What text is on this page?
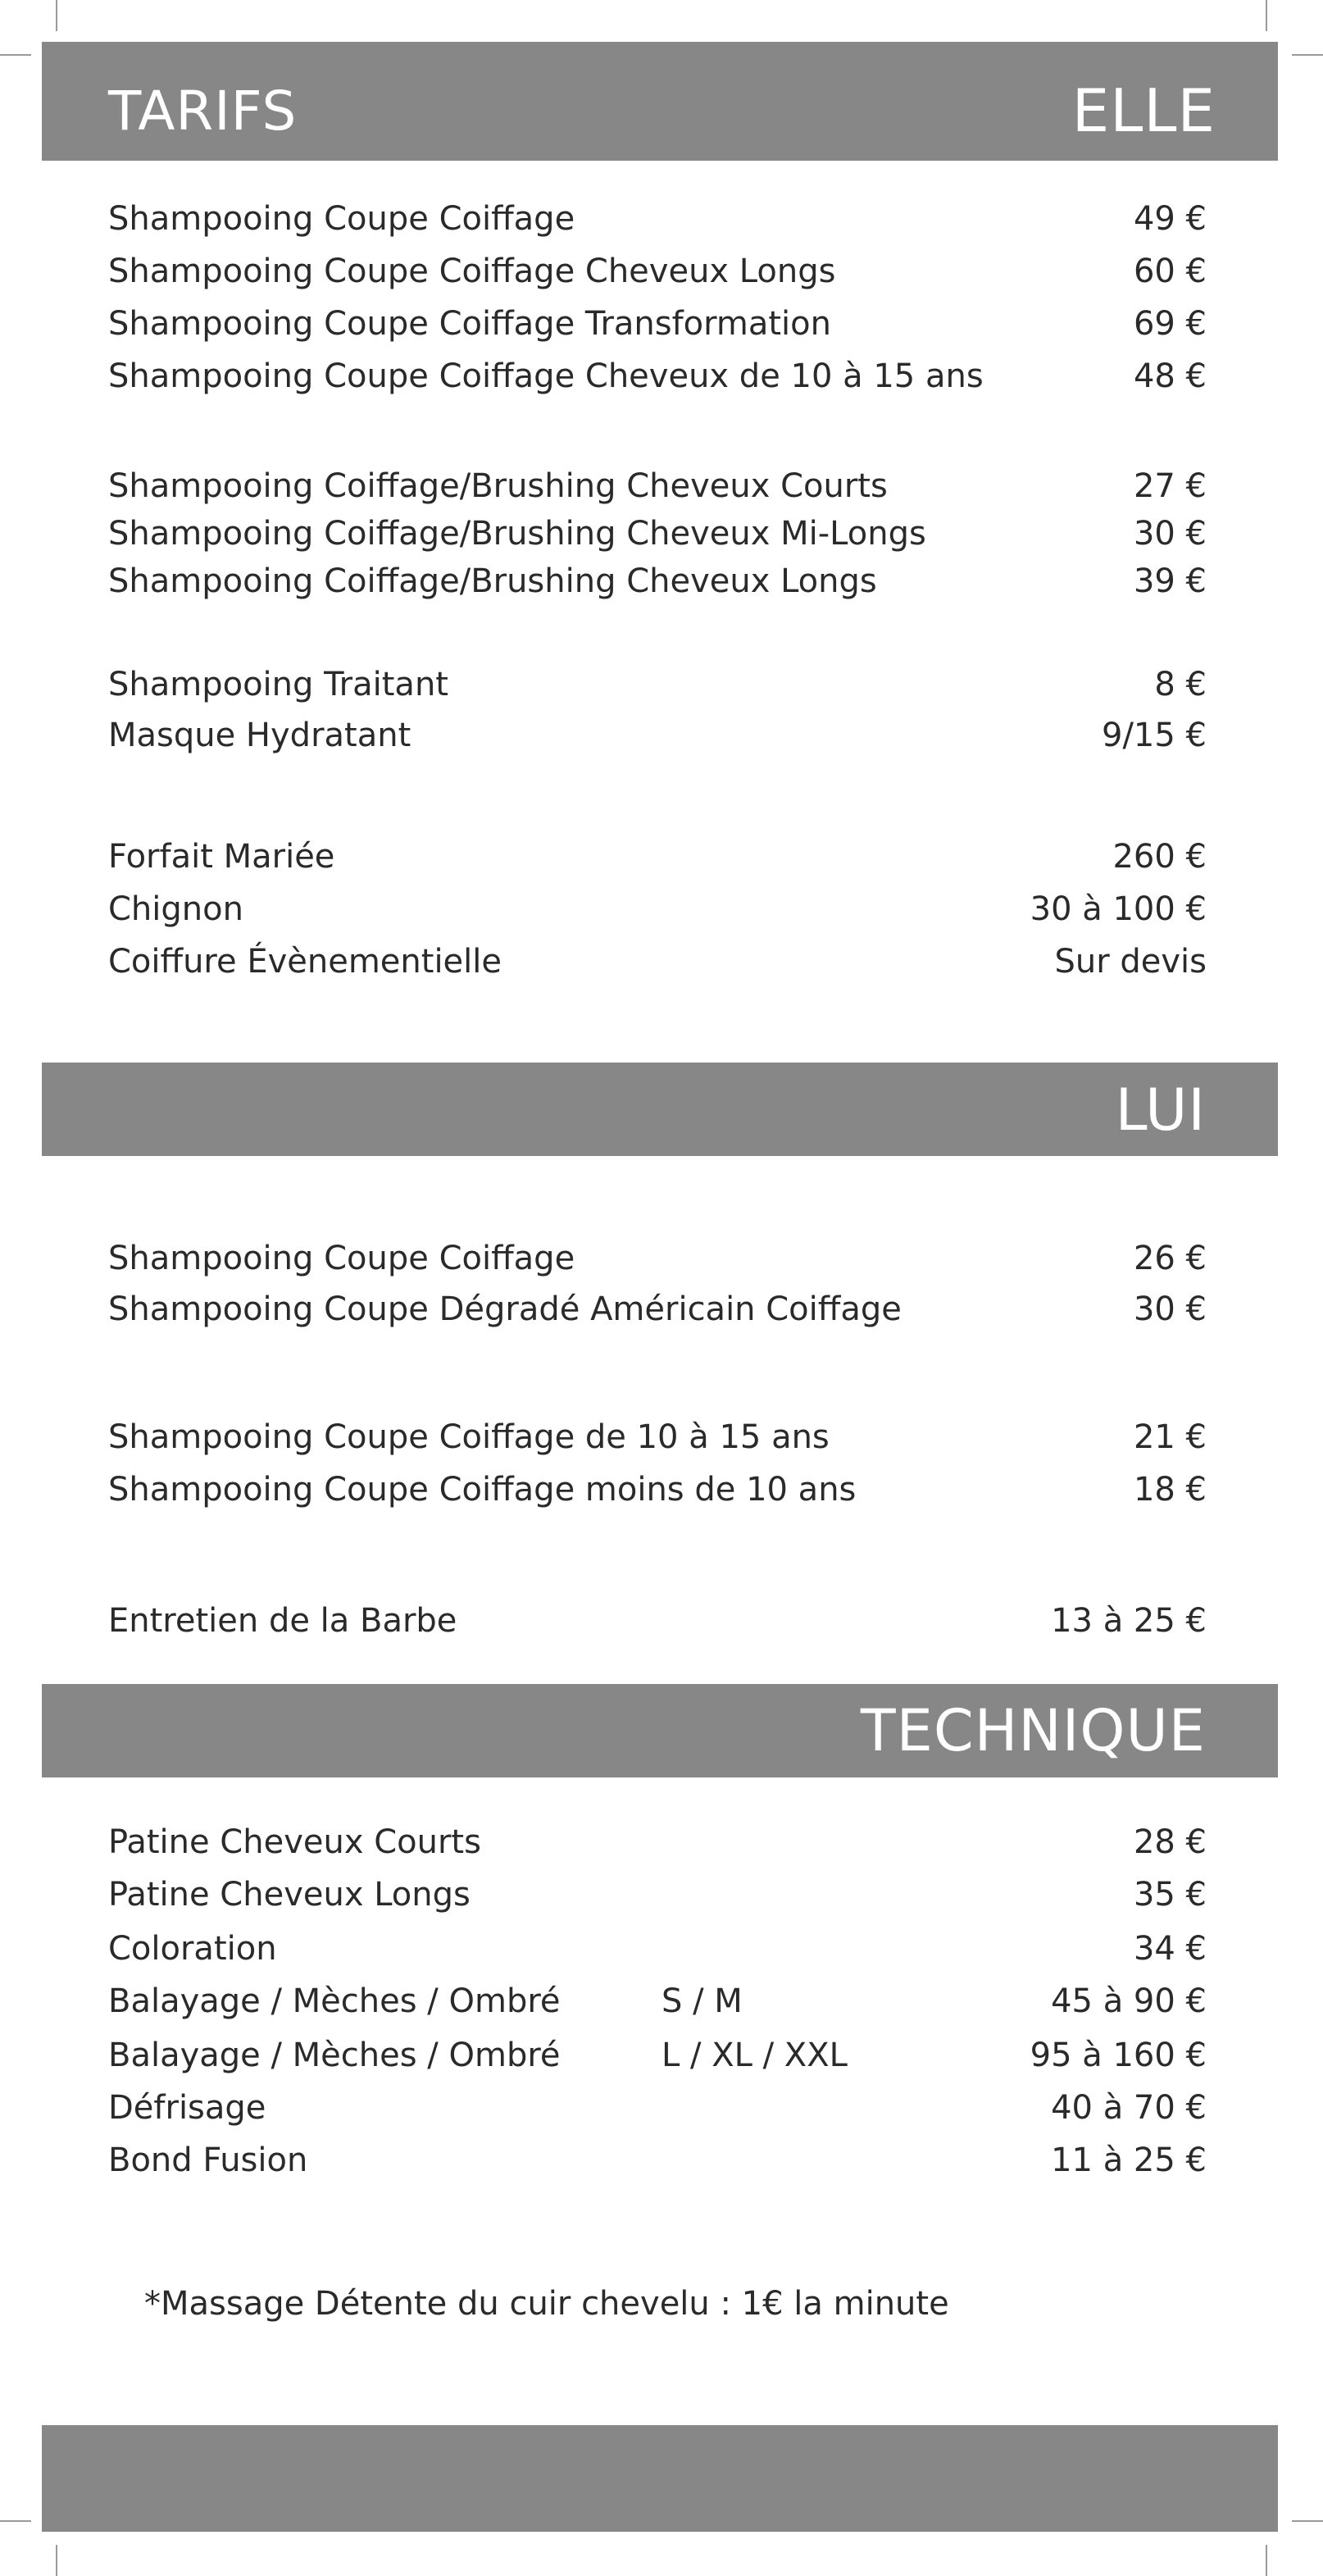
TARIFS	ELLE
Shampooing Coupe Coiffage	49 €
Shampooing Coupe Coiffage Cheveux Longs	60 €
Shampooing Coupe Coiffage Transformation	69 €
Shampooing Coupe Coiffage Cheveux de 10 à 15 ans	48 €
Shampooing Coiffage/Brushing Cheveux Courts	27 €
Shampooing Coiffage/Brushing Cheveux Mi-Longs	30 €
Shampooing Coiffage/Brushing Cheveux Longs	39 €
Shampooing Traitant	8 €
Masque Hydratant	9/15 €
Forfait Mariée	260 €
Chignon	30 à 100 €
Coiffure Évènementielle	Sur devis
LUI
Shampooing Coupe Coiffage	26 €
Shampooing Coupe Dégradé Américain Coiffage	30 €
Shampooing Coupe Coiffage de 10 à 15 ans	21 €
Shampooing Coupe Coiffage moins de 10 ans	18 €
Entretien de la Barbe	13 à 25 €
TECHNIQUE
Patine Cheveux Courts	28 €
Patine Cheveux Longs	35 €
Coloration	34 €
Balayage / Mèches / Ombré	S / M	45 à 90 €
Balayage / Mèches / Ombré	L / XL / XXL	95 à 160 €
Défrisage	40 à 70 €
Bond Fusion	11 à 25 €
*Massage Détente du cuir chevelu : 1€ la minute
